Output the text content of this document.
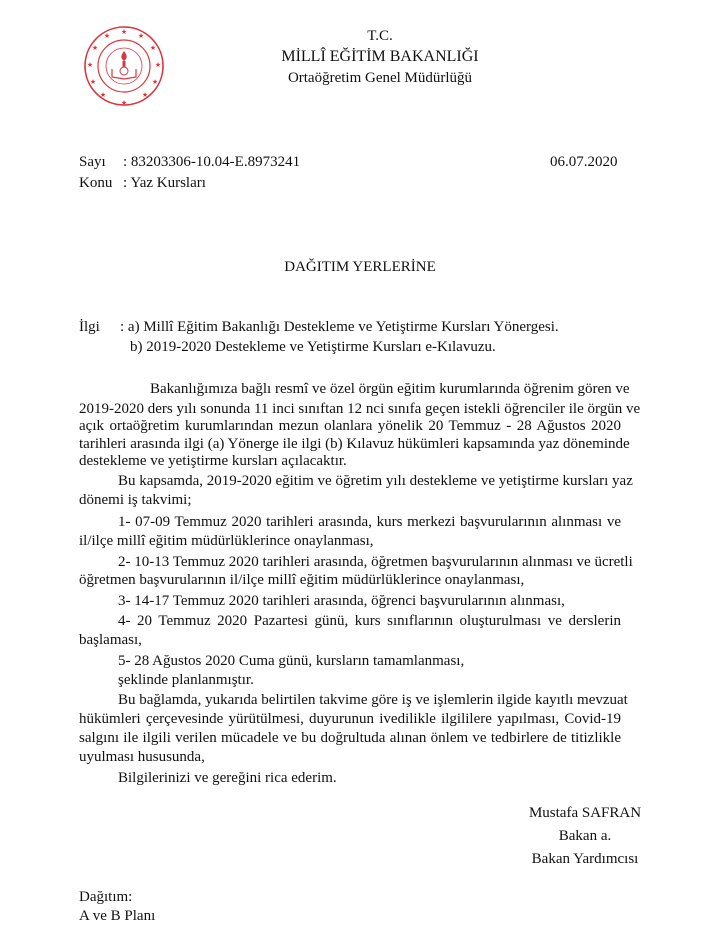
★
★	★
★	★
★	★
★	★
★	★
★
T.C.
MİLLÎ EĞİTİM BAKANLIĞI
Ortaöğretim Genel Müdürlüğü
Sayı : 83203306-10.04-E.8973241	06.07.2020
Konu : Yaz Kursları
DAĞITIM YERLERİNE
İlgi : a) Millî Eğitim Bakanlığı Destekleme ve Yetiştirme Kursları Yönergesi.
b) 2019-2020 Destekleme ve Yetiştirme Kursları e-Kılavuzu.
Bakanlığımıza bağlı resmî ve özel örgün eğitim kurumlarında öğrenim gören ve
2019-2020 ders yılı sonunda 11 inci sınıftan 12 nci sınıfa geçen istekli öğrenciler ile örgün ve
açık ortaöğretim kurumlarından mezun olanlara yönelik 20 Temmuz - 28 Ağustos 2020
tarihleri arasında ilgi (a) Yönerge ile ilgi (b) Kılavuz hükümleri kapsamında yaz döneminde
destekleme ve yetiştirme kursları açılacaktır.
Bu kapsamda, 2019-2020 eğitim ve öğretim yılı destekleme ve yetiştirme kursları yaz
dönemi iş takvimi;
1- 07-09 Temmuz 2020 tarihleri arasında, kurs merkezi başvurularının alınması ve
il/ilçe millî eğitim müdürlüklerince onaylanması,
2- 10-13 Temmuz 2020 tarihleri arasında, öğretmen başvurularının alınması ve ücretli
öğretmen başvurularının il/ilçe millî eğitim müdürlüklerince onaylanması,
3- 14-17 Temmuz 2020 tarihleri arasında, öğrenci başvurularının alınması,
4- 20 Temmuz 2020 Pazartesi günü, kurs sınıflarının oluşturulması ve derslerin
başlaması,
5- 28 Ağustos 2020 Cuma günü, kursların tamamlanması,
şeklinde planlanmıştır.
Bu bağlamda, yukarıda belirtilen takvime göre iş ve işlemlerin ilgide kayıtlı mevzuat
hükümleri çerçevesinde yürütülmesi, duyurunun ivedilikle ilgililere yapılması, Covid-19
salgını ile ilgili verilen mücadele ve bu doğrultuda alınan önlem ve tedbirlere de titizlikle
uyulması hususunda,
Bilgilerinizi ve gereğini rica ederim.
Mustafa SAFRAN
Bakan a.
Bakan Yardımcısı
Dağıtım:
A ve B Planı
